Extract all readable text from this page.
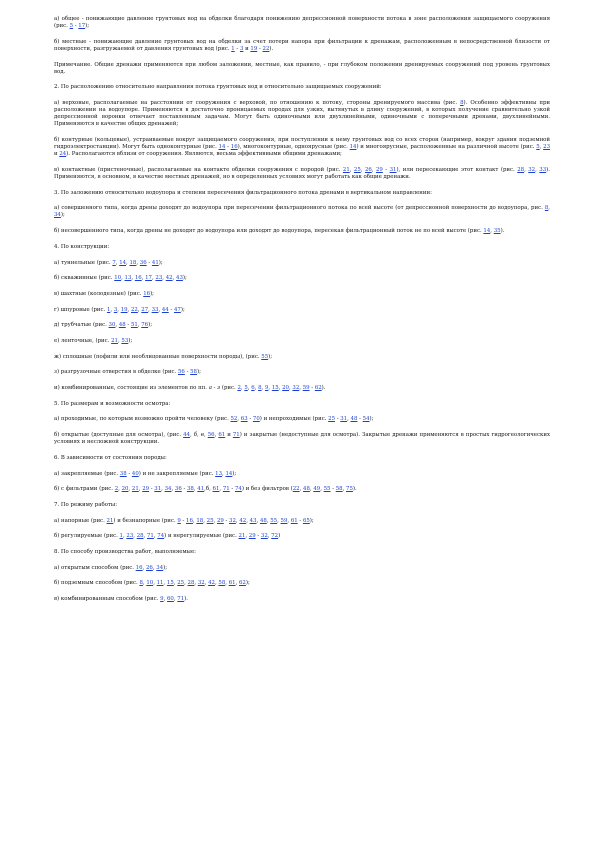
а) общее - понижающие давление грунтовых вод на обделки благодаря понижению депрессионной поверхности потока в зоне расположения защищаемого сооружения (рис. 5 - 17);

б) местные - понижающие давление грунтовых вод на обделки за счет потери напора при фильтрации к дренажам, расположенным в непосредственной близости от поверхности, разгружаемой от давления грунтовых вод (рис. 1 - 3 и 19 - 22).

Примечание. Общие дренажи применяются при любом заложении, местные, как правило, - при глубоком положении дренируемых сооружений под уровень грунтовых вод.

2. По расположению относительно направления потока грунтовых вод и относительно защищаемых сооружений:

а) верховые, располагаемые на расстоянии от сооружения с верховой, по отношению к потоку, стороны дренируемого массива (рис. 8). Особенно эффективны при расположении на водоупоре. Применяются в достаточно проницаемых породах для узких, вытянутых в длину сооружений, в которых получение сравнительно узкой депрессионной воронки отвечает поставленным задачам. Могут быть одиночными или двухлинейными, одиночными с поперечными дренами, двухлинейными. Применяются в качестве общих дренажей;

б) контурные (кольцевые), устраиваемые вокруг защищаемого сооружения, при поступлении к нему грунтовых вод со всех сторон (например, вокруг здания подземной гидроэлектростанции). Могут быть одноконтурные (рис. 14 - 16), многоконтурные, одноярусные (рис. 14) и многоярусные, расположенные на различной высоте (рис. 5, 23 и 24). Располагаются вблизи от сооружения. Являются, весьма эффективными общими дренажами;

в) контактные (пристеночные), располагаемые на контакте обделки сооружения с породой (рис. 21, 25, 26, 29 - 31), или пересекающие этот контакт (рис. 28, 32, 33). Применяются, в основном, в качестве местных дренажей, но в определенных условиях могут работать как общие дренажи.

3. По заложению относительно водоупора и степени пересечения фильтрационного потока дренами в вертикальном направлении:

а) совершенного типа, когда дрены доходят до водоупора при пересечении фильтрационного потока по всей высоте (от депрессионной поверхности до водоупора, рис. 8, 34);

б) несовершенного типа, когда дрены не доходят до водоупора или доходят до водоупора, пересекая фильтрационный поток не по всей высоте (рис. 14, 35).

4. По конструкции:

а) туннельные (рис. 7, 14, 18, 36 - 41);

б) скважинные (рис. 10, 13, 16, 17, 23, 42, 43);

в) шахтные (колодезные) (рис. 16);

г) шпуровые (рис. 1, 3, 19, 22, 27, 33, 44 - 47);

д) трубчатые (рис. 30, 48 - 51, 76);

е) ленточные, (рис. 21, 53);

ж) сплошные (пофили или необлицованные поверхности породы), (рис. 55);

з) разгрузочные отверстия в обделке (рис. 56 - 58);

и) комбинированные, состоящие из элементов по пп. а - з (рис. 2, 5, 6, 8, 9, 15, 20, 32, 59 - 62).

5. По размерам и возможности осмотра:

а) проходимые, по которым возможно пройти человеку (рис. 52, 63 - 70) и непроходимые (рис. 25 - 31, 48 - 54);

б) открытые (доступные для осмотра), (рис. 44, б, в, 56, 61 и 71) и закрытые (недоступные для осмотра). Закрытые дренажи применяются в простых гидрогеологических условиях и несложной конструкции.

6. В зависимости от состояния породы:

а) закрепляемые (рис. 38 - 40) и не закрепляемые (рис. 13, 14);

б) с фильтрами (рис. 2, 20, 21, 29 - 31, 34, 36 - 38, 41,б, 61, 71 - 74) и без фильтров (22, 48, 49, 55 - 58, 75).

7. По режиму работы:

а) напорные (рис. 21) и безнапорные (рис. 9 - 16, 18, 25, 29 - 32, 42, 43, 48, 55, 59, 61 - 65);

б) регулируемые (рис. 1, 23, 28, 71, 74) и нерегулируемые (рис. 21, 29 - 32, 72)

8. По способу производства работ, выполняемые:

а) открытым способом (рис. 16, 26, 34);

б) подземным способом (рис. 8, 10, 11, 15, 25, 28, 32, 42, 58, 61, 62);

в) комбинированным способом (рис. 9, 60, 71).
